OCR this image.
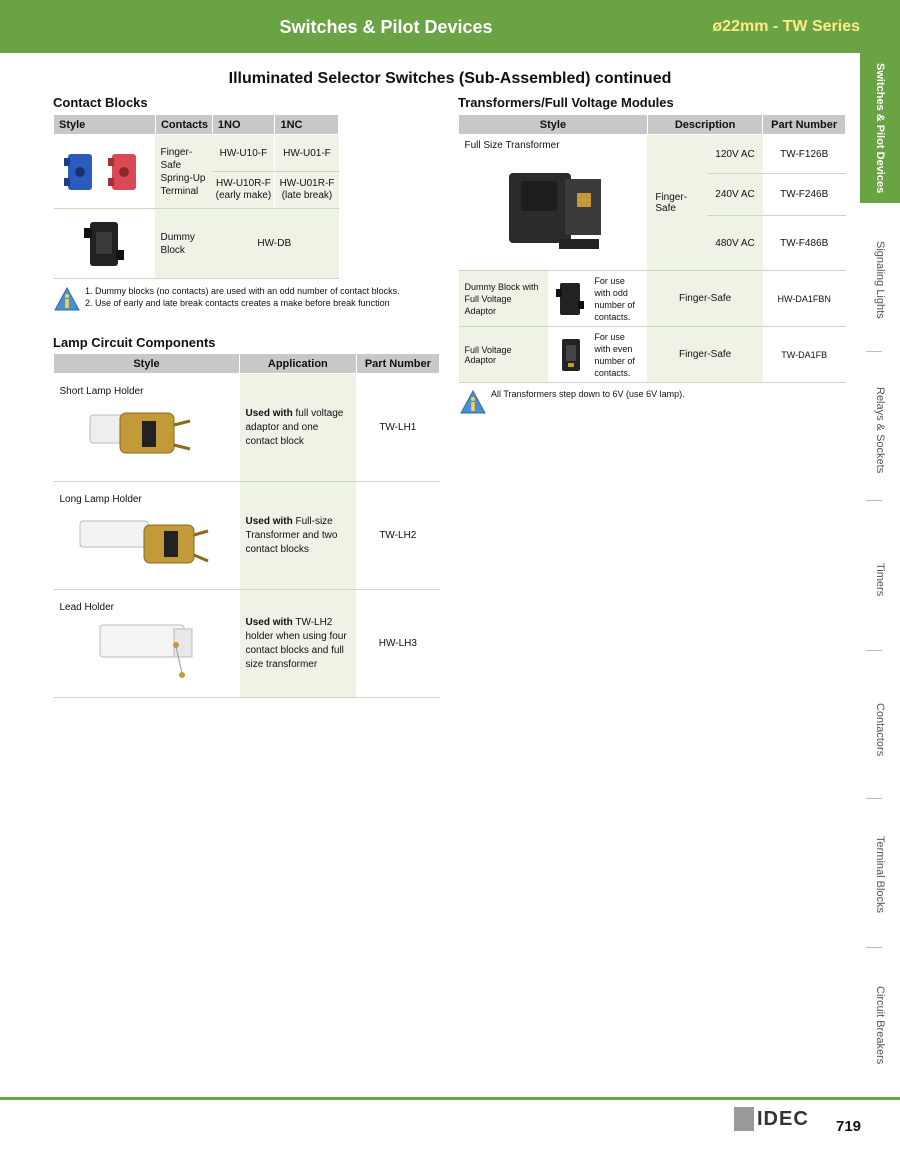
Switches & Pilot Devices	ø22mm - TW Series
Switches & Pilot Devices
Signaling Lights
Relays & Sockets
Timers
Contactors
Terminal Blocks
Circuit Breakers
Illuminated Selector Switches (Sub-Assembled) continued
Contact Blocks
Style	Contacts	1NO	1NC

	Finger-Safe Spring-Up Terminal	HW-U10-F	HW-U01-F
		HW-U10R-F (early make)	HW-U01R-F (late break)

	Dummy Block	HW-DB	
1. Dummy blocks (no contacts) are used with an odd number of contact blocks.
2. Use of early and late break contacts creates a make before break function
Lamp Circuit Components
Style	Application	Part Number

Short Lamp Holder	Used with full voltage adaptor and one contact block	TW-LH1

Long Lamp Holder	Used with Full-size Transformer and two contact blocks	TW-LH2

Lead Holder	Used with TW-LH2 holder when using four contact blocks and full size transformer	HW-LH3
Transformers/Full Voltage Modules
Style		Description		Part Number

Full Size Transformer		Finger-Safe	120V AC	TW-F126B
			240V AC	TW-F246B
			480V AC	TW-F486B
Dummy Block with Full Voltage Adaptor	For use with odd number of contacts.	Finger-Safe		HW-DA1FBN
Full Voltage Adaptor	For use with even number of contacts.	Finger-Safe		TW-DA1FB
All Transformers step down to 6V (use 6V lamp).
IDEC 719
